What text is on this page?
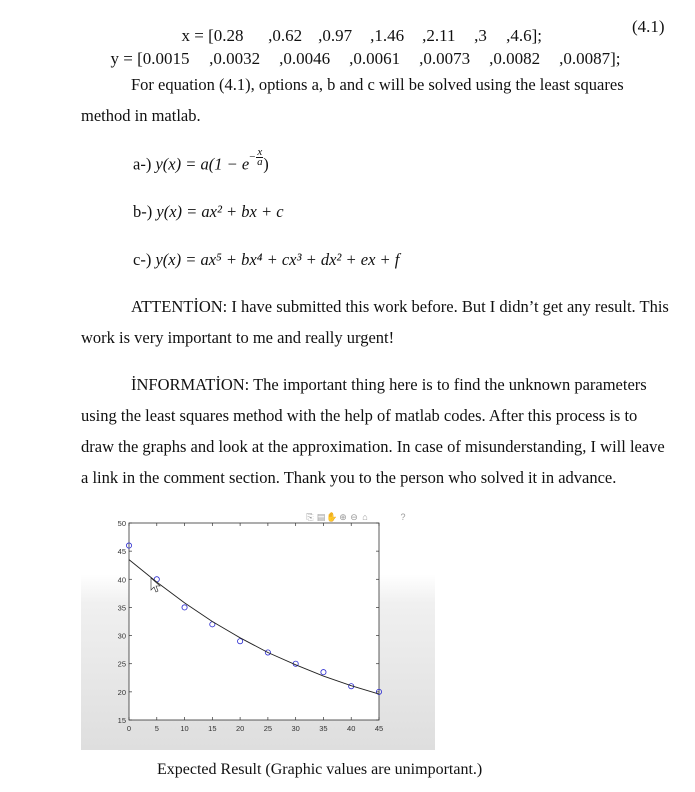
x = [0.28 ,0.62 ,0.97 ,1.46 ,2.11 ,3 ,4.6];

y = [0.0015 ,0.0032 ,0.0046 ,0.0061 ,0.0073 ,0.0082 ,0.0087];

(4.1)
For equation (4.1), options a, b and c will be solved using the least squares method in matlab.
a-) $y(x) = a(1 - e^{- \frac{x}{a}}$ )
b-) y(x) = ax² + bx + c
c-) y(x) = ax⁵ + bx⁴ + cx³ + dx² + ex + f
ATTENTİON: I have submitted this work before. But I didn’t get any result. This work is very important to me and really urgent!
İNFORMATİON: The important thing here is to find the unknown parameters using the least squares method with the help of matlab codes. After this process is to draw the graphs and look at the approximation. In case of misunderstanding, I will leave a link in the comment section. Thank you to the person who solved it in advance.
0	5	10	15	20	25	30	35	40	45
15
20
25
30
35
40
45
50
⎘ ▤ ✋ ⊕ ⊖ ⌂	?
Expected Result (Graphic values are unimportant.)
